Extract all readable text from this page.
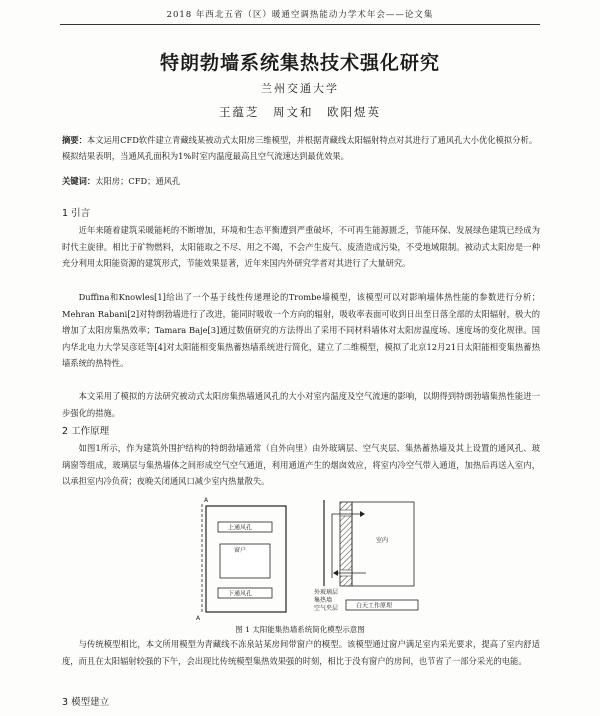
2018 年西北五省（区）暖通空调热能动力学术年会——论文集
特朗勃墙系统集热技术强化研究
兰州交通大学
王蕴芝　周文和　欧阳煜英
摘要：本文运用CFD软件建立青藏线某被动式太阳房三维模型，并根据青藏线太阳辐射特点对其进行了通风孔大小优化模拟分析。模拟结果表明，当通风孔面积为1%时室内温度最高且空气流速达到最优效果。
关键词：太阳房；CFD；通风孔
1 引言

近年来随着建筑采暖能耗的不断增加，环境和生态平衡遭到严重破坏，不可再生能源匮乏，节能环保、发展绿色建筑已经成为时代主旋律。相比于矿物燃料，太阳能取之不尽、用之不竭，不会产生废气、废渣造成污染，不受地域限制。被动式太阳房是一种充分利用太阳能资源的建筑形式，节能效果显著，近年来国内外研究学者对其进行了大量研究。

Duffina和Knowles[1]给出了一个基于线性传递理论的Trombe墙模型，该模型可以对影响墙体热性能的参数进行分析；Mehran Rabani[2]对特朗勃墙进行了改进，能同时吸收一个方向的辐射，吸收率表面可收到日出至日落全部的太阳辐射，极大的增加了太阳房集热效率；Tamara Baje[3]通过数值研究的方法得出了采用不同材料墙体对太阳房温度场、速度场的变化规律。国内华北电力大学吴彦廷等[4]对太阳能相变集热蓄热墙系统进行简化，建立了二维模型，模拟了北京12月21日太阳能相变集热蓄热墙系统的热特性。

本文采用了模拟的方法研究被动式太阳房集热墙通风孔的大小对室内温度及空气流速的影响，以期得到特朗勃墙集热性能进一步强化的措施。

2 工作原理

如图1所示，作为建筑外围护结构的特朗勃墙通常（自外向里）由外玻璃层、空气夹层、集热蓄热墙及其上设置的通风孔、玻璃窗等组成，玻璃层与集热墙体之间形成空气空气通道，利用通道产生的烟囱效应，将室内冷空气带入通道，加热后再送入室内，以承担室内冷负荷；夜晚关闭通风口减少室内热量散失。

A
上通风孔
窗户
下通风孔
A
室内
白天工作原理
外玻璃层
集热墙
空气夹层
图 1 太阳能集热墙系统简化模型示意图

与传统模型相比，本文所用模型为青藏线不冻泉站某房间带窗户的模型。该模型通过窗户满足室内采光要求，提高了室内舒适度，而且在太阳辐射较强的下午，会出现比传统模型集热效果强的时刻，相比于没有窗户的房间，也节省了一部分采光的电能。

3 模型建立
